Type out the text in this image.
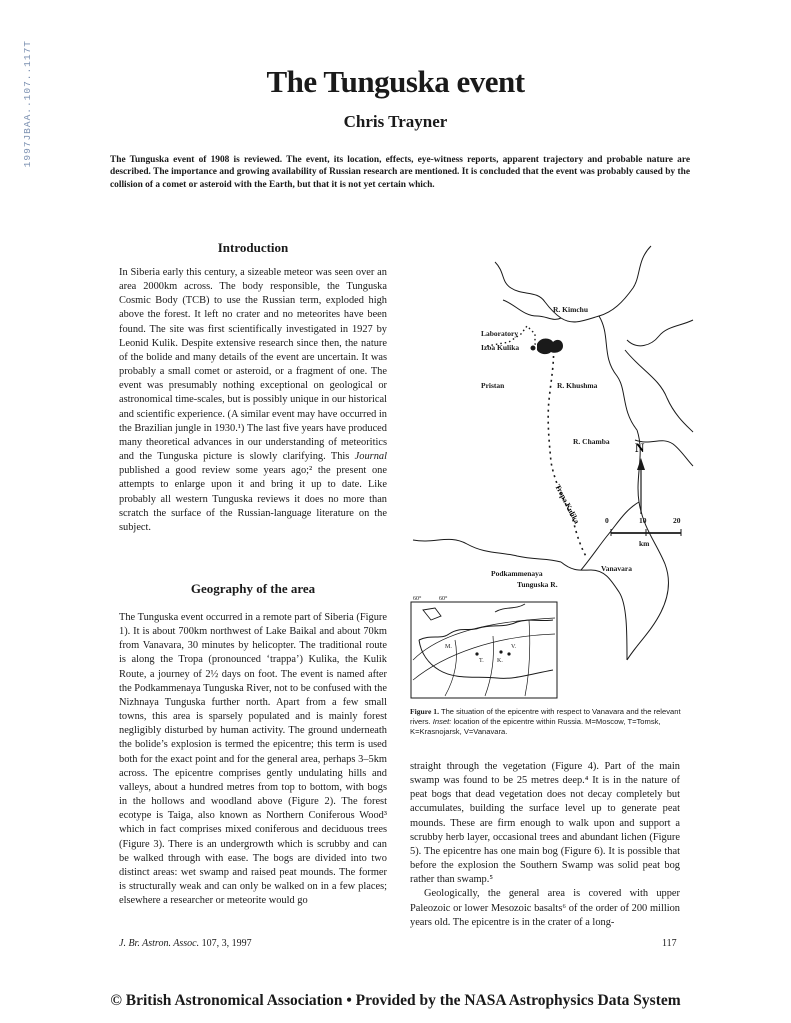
1997JBAA..107..117T	The Tunguska event
Chris Trayner

The Tunguska event of 1908 is reviewed. The event, its location, effects, eye-witness reports, apparent trajectory and probable nature are described. The importance and growing availability of Russian research are mentioned. It is concluded that the event was probably caused by the collision of a comet or asteroid with the Earth, but that it is not yet certain which.

Introduction

In Siberia early this century, a sizeable meteor was seen over an area 2000km across. The body responsible, the Tunguska Cosmic Body (TCB) to use the Russian term, exploded high above the forest. It left no crater and no meteorites have been found. The site was first scientifically investigated in 1927 by Leonid Kulik. Despite extensive research since then, the nature of the bolide and many details of the event are uncertain. It was probably a small comet or asteroid, or a fragment of one. The event was presumably nothing exceptional on geological or astronomical time-scales, but is possibly unique in our historical and scientific experience. (A similar event may have occurred in the Brazilian jungle in 1930.¹) The last five years have produced many theoretical advances in our understanding of meteoritics and the Tunguska picture is slowly clarifying. This Journal published a good review some years ago;² the present one attempts to enlarge upon it and bring it up to date. Like probably all western Tunguska reviews it does no more than scratch the surface of the Russian-language literature on the subject.

Geography of the area

The Tunguska event occurred in a remote part of Siberia (Figure 1). It is about 700km northwest of Lake Baikal and about 70km from Vanavara, 30 minutes by helicopter. The traditional route is along the Tropa (pronounced ‘trappa’) Kulika, the Kulik Route, a journey of 2½ days on foot. The event is named after the Podkammenaya Tunguska River, not to be confused with the Nizhnaya Tunguska further north. Apart from a few small towns, this area is sparsely populated and is mainly forest negligibly disturbed by human activity. The ground underneath the bolide’s explosion is termed the epicentre; this term is used both for the exact point and for the general area, perhaps 3–5km across. The epicentre comprises gently undulating hills and valleys, about a hundred metres from top to bottom, with bogs in the hollows and woodland above (Figure 2). The forest ecotype is Taiga, also known as Northern Coniferous Wood³ which in fact comprises mixed coniferous and deciduous trees (Figure 3). There is an undergrowth which is scrubby and can be walked through with ease. The bogs are divided into two distinct areas: wet swamp and raised peat mounds. The former is structurally weak and can only be walked on in a few places; elsewhere a researcher or meteorite would go

R. Kimchu
Laboratory
Izba Kulika
Pristan	R. Khushma
R. Chamba
0	10	20
km
Vanavara
Podkammenaya
Tunguska R.
N
Tropa Kulika
60°	60°
M.
T. K.
V.

Figure 1. The situation of the epicentre with respect to Vanavara and the relevant rivers. Inset: location of the epicentre within Russia. M=Moscow, T=Tomsk, K=Krasnojarsk, V=Vanavara.

straight through the vegetation (Figure 4). Part of the main swamp was found to be 25 metres deep.⁴ It is in the nature of peat bogs that dead vegetation does not decay completely but accumulates, building the surface level up to generate peat mounds. These are firm enough to walk upon and support a scrubby herb layer, occasional trees and abundant lichen (Figure 5). The epicentre has one main bog (Figure 6). It is possible that before the explosion the Southern Swamp was solid peat bog rather than swamp.⁵

Geologically, the general area is covered with upper Paleozoic or lower Mesozoic basalts⁶ of the order of 200 million years old. The epicentre is in the crater of a long-

J. Br. Astron. Assoc. 107, 3, 1997	117

© British Astronomical Association • Provided by the NASA Astrophysics Data System
